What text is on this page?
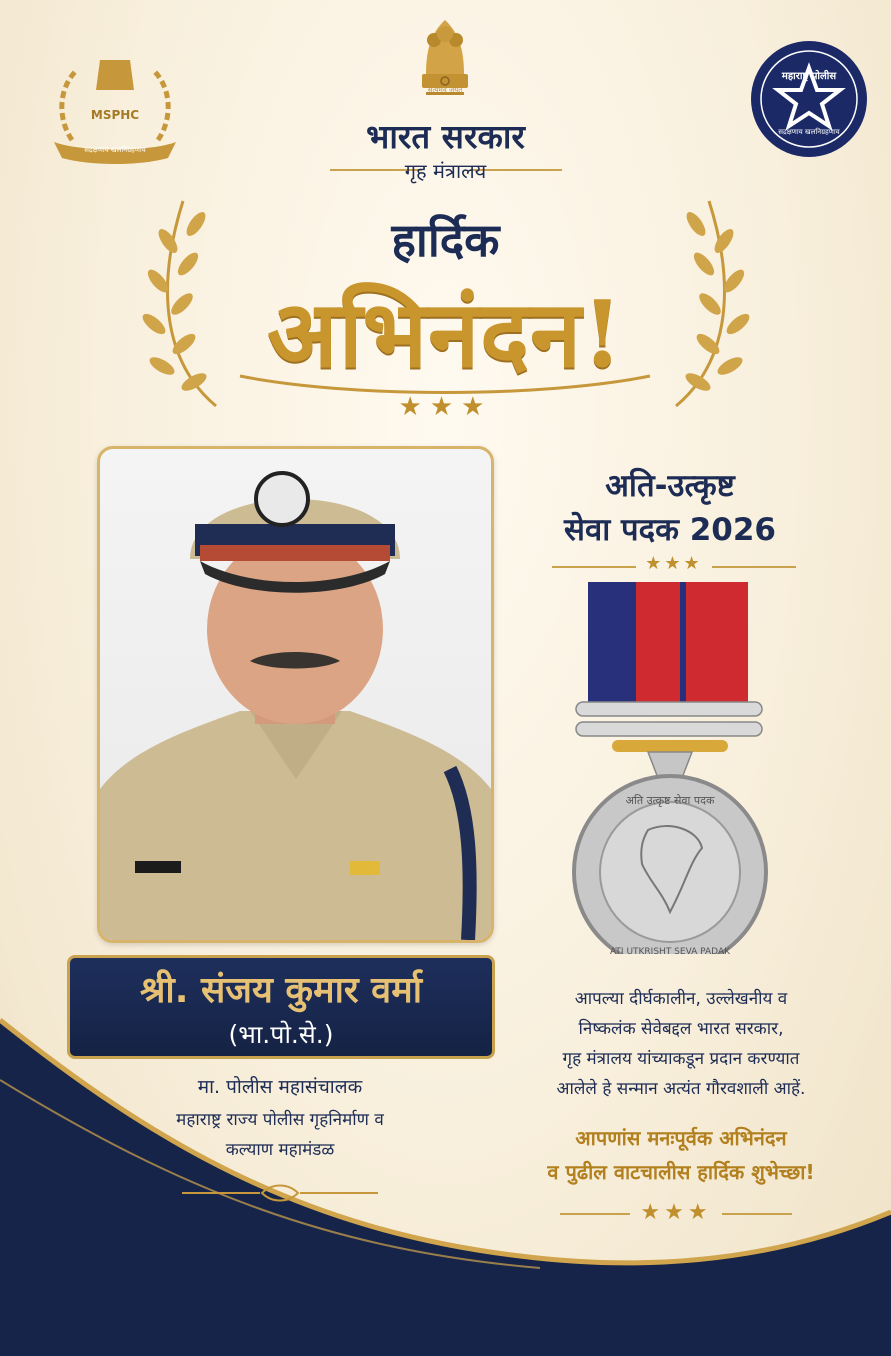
सत्यमेव जयते
MSPHC
सद्रक्षणाय खलनिग्रहणाय
महाराष्ट्र पोलीस
सद्रक्षणाय खलनिग्रहणाय
भारत सरकार
गृह मंत्रालय
हार्दिक
अभिनंदन!
★★★
श्री. संजय कुमार वर्मा
(भा.पो.से.)
मा. पोलीस महासंचालक
महाराष्ट्र राज्य पोलीस गृहनिर्माण व
कल्याण महामंडळ
अति-उत्कृष्ट
सेवा पदक 2026
★★★
अति उत्कृष्ट सेवा पदक
ATI UTKRISHT SEVA PADAK
आपल्या दीर्घकालीन, उल्लेखनीय व
निष्कलंक सेवेबद्दल भारत सरकार,
गृह मंत्रालय यांच्याकडून प्रदान करण्यात
आलेले हे सन्मान अत्यंत गौरवशाली आहें.
आपणांस मनःपूर्वक अभिनंदन
व पुढील वाटचालीस हार्दिक शुभेच्छा!
★★★
